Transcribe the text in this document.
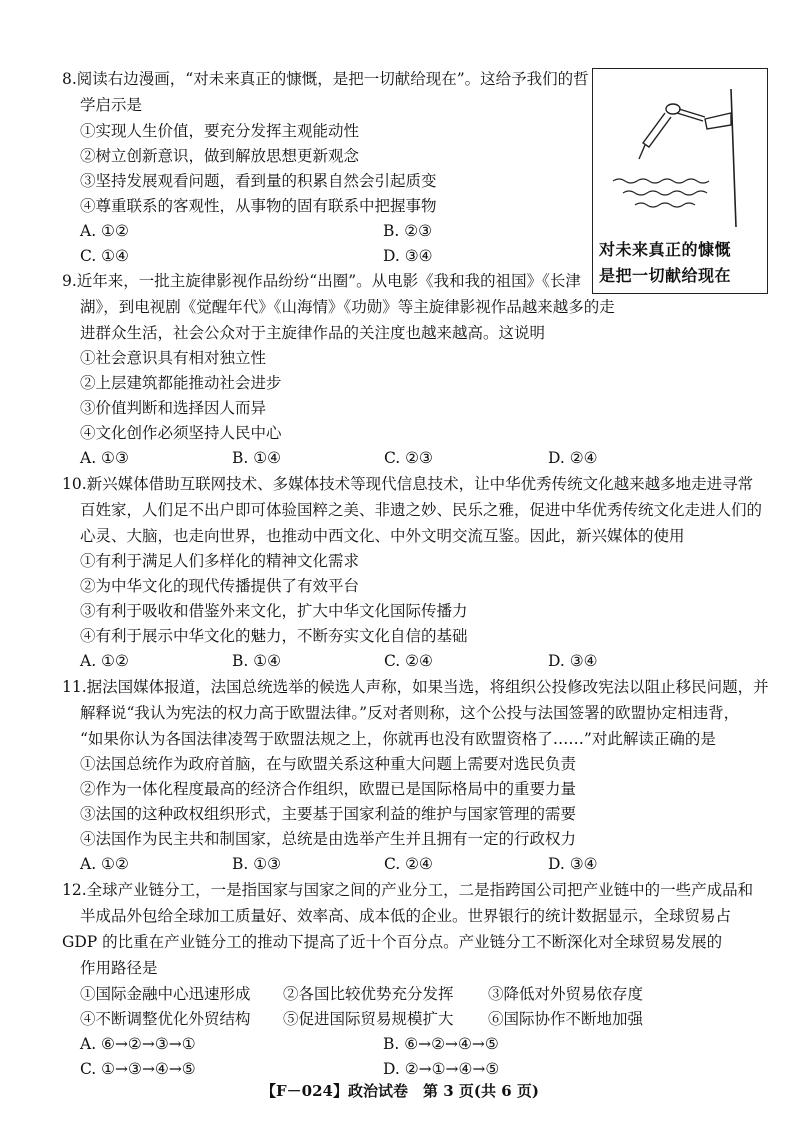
8.阅读右边漫画，“对未来真正的慷慨，是把一切献给现在”。这给予我们的哲
学启示是
①实现人生价值，要充分发挥主观能动性
②树立创新意识，做到解放思想更新观念
③坚持发展观看问题，看到量的积累自然会引起质变
④尊重联系的客观性，从事物的固有联系中把握事物
A. ①②	B. ②③
C. ①④	D. ③④	对未来真正的慷慨
是把一切献给现在
9.近年来，一批主旋律影视作品纷纷“出圈”。从电影《我和我的祖国》《长津
湖》，到电视剧《觉醒年代》《山海情》《功勋》等主旋律影视作品越来越多的走
进群众生活，社会公众对于主旋律作品的关注度也越来越高。这说明
①社会意识具有相对独立性
②上层建筑都能推动社会进步
③价值判断和选择因人而异
④文化创作必须坚持人民中心
A. ①③	B. ①④	C. ②③	D. ②④
10.新兴媒体借助互联网技术、多媒体技术等现代信息技术，让中华优秀传统文化越来越多地走进寻常
百姓家，人们足不出户即可体验国粹之美、非遗之妙、民乐之雅，促进中华优秀传统文化走进人们的
心灵、大脑，也走向世界，也推动中西文化、中外文明交流互鉴。因此，新兴媒体的使用
①有利于满足人们多样化的精神文化需求
②为中华文化的现代传播提供了有效平台
③有利于吸收和借鉴外来文化，扩大中华文化国际传播力
④有利于展示中华文化的魅力，不断夯实文化自信的基础
A. ①②	B. ①④	C. ②④	D. ③④
11.据法国媒体报道，法国总统选举的候选人声称，如果当选，将组织公投修改宪法以阻止移民问题，并
解释说“我认为宪法的权力高于欧盟法律。”反对者则称，这个公投与法国签署的欧盟协定相违背，
“如果你认为各国法律凌驾于欧盟法规之上，你就再也没有欧盟资格了……”对此解读正确的是
①法国总统作为政府首脑，在与欧盟关系这种重大问题上需要对选民负责
②作为一体化程度最高的经济合作组织，欧盟已是国际格局中的重要力量
③法国的这种政权组织形式，主要基于国家利益的维护与国家管理的需要
④法国作为民主共和制国家，总统是由选举产生并且拥有一定的行政权力
A. ①②	B. ①③	C. ②④	D. ③④
12.全球产业链分工，一是指国家与国家之间的产业分工，二是指跨国公司把产业链中的一些产成品和
半成品外包给全球加工质量好、效率高、成本低的企业。世界银行的统计数据显示，全球贸易占
GDP 的比重在产业链分工的推动下提高了近十个百分点。产业链分工不断深化对全球贸易发展的
作用路径是
①国际金融中心迅速形成 ②各国比较优势充分发挥 ③降低对外贸易依存度
④不断调整优化外贸结构 ⑤促进国际贸易规模扩大 ⑥国际协作不断地加强
A. ⑥→②→③→①	B. ⑥→②→④→⑤
C. ①→③→④→⑤	D. ②→①→④→⑤
【F－024】政治试卷　第 3 页(共 6 页)
